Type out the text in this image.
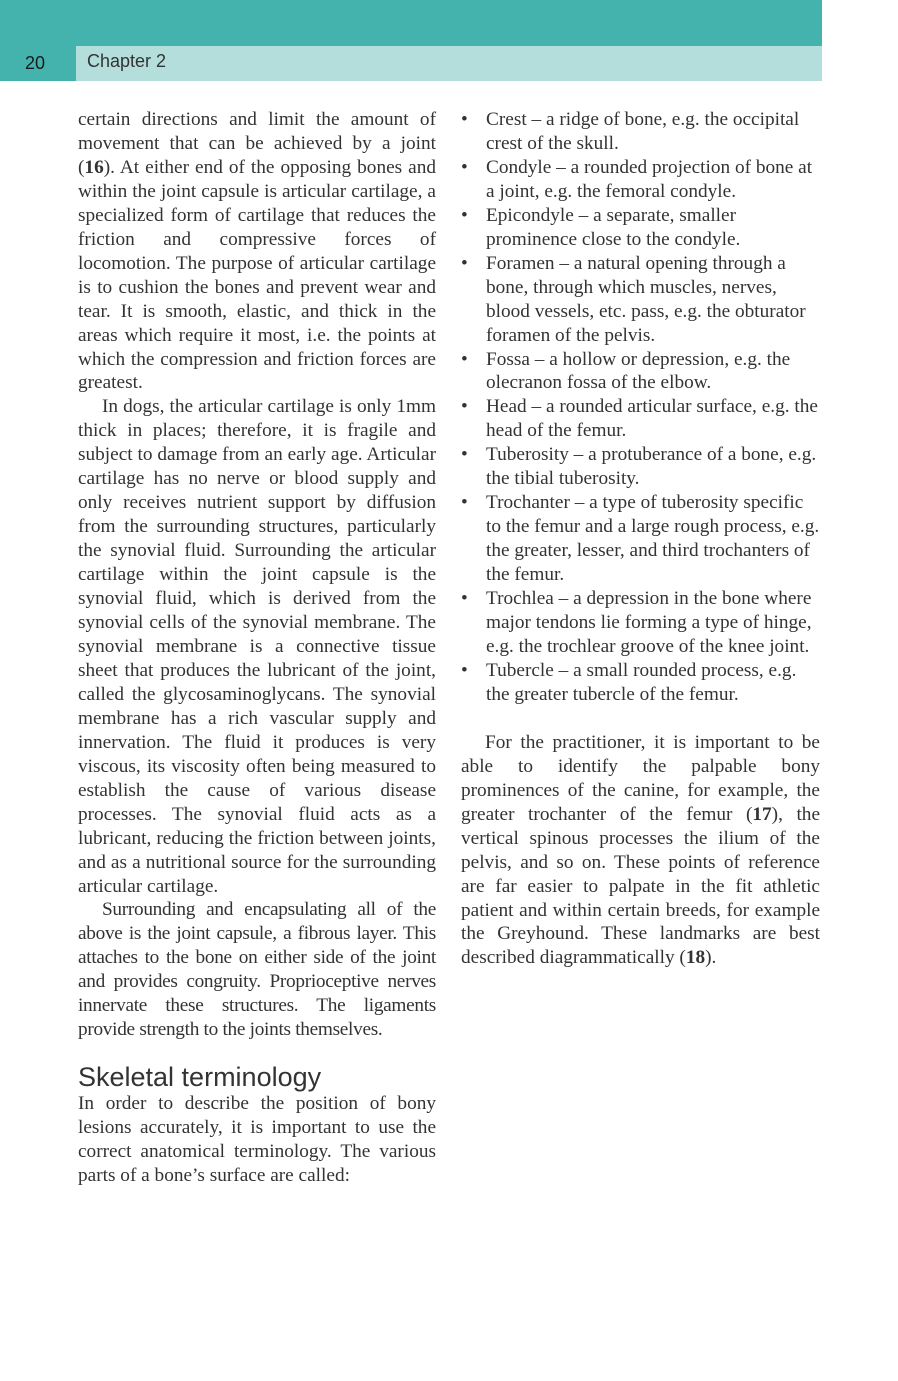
20	Chapter 2

certain directions and limit the amount of movement that can be achieved by a joint (16). At either end of the opposing bones and within the joint capsule is articular cartilage, a specialized form of cartilage that reduces the friction and compressive forces of locomotion. The purpose of articular cartilage is to cushion the bones and prevent wear and tear. It is smooth, elastic, and thick in the areas which require it most, i.e. the points at which the compression and friction forces are greatest.

In dogs, the articular cartilage is only 1mm thick in places; therefore, it is fragile and subject to damage from an early age. Articular cartilage has no nerve or blood supply and only receives nutrient support by diffusion from the surrounding structures, particularly the synovial fluid. Surrounding the articular cartilage within the joint capsule is the synovial fluid, which is derived from the synovial cells of the synovial membrane. The synovial membrane is a connective tissue sheet that produces the lubricant of the joint, called the glycosaminoglycans. The synovial membrane has a rich vascular supply and innervation. The fluid it produces is very viscous, its viscosity often being measured to establish the cause of various disease processes. The synovial fluid acts as a lubricant, reducing the friction between joints, and as a nutritional source for the surrounding articular cartilage.

Surrounding and encapsulating all of the above is the joint capsule, a fibrous layer. This attaches to the bone on either side of the joint and provides congruity. Proprioceptive nerves innervate these structures. The ligaments provide strength to the joints themselves.

Skeletal terminology

In order to describe the position of bony lesions accurately, it is important to use the correct anatomical terminology. The various parts of a bone’s surface are called:

• Crest – a ridge of bone, e.g. the occipital crest of the skull.
• Condyle – a rounded projection of bone at a joint, e.g. the femoral condyle.
• Epicondyle – a separate, smaller prominence close to the condyle.
• Foramen – a natural opening through a bone, through which muscles, nerves, blood vessels, etc. pass, e.g. the obturator foramen of the pelvis.
• Fossa – a hollow or depression, e.g. the olecranon fossa of the elbow.
• Head – a rounded articular surface, e.g. the head of the femur.
• Tuberosity – a protuberance of a bone, e.g. the tibial tuberosity.
• Trochanter – a type of tuberosity specific to the femur and a large rough process, e.g. the greater, lesser, and third trochanters of the femur.
• Trochlea – a depression in the bone where major tendons lie forming a type of hinge, e.g. the trochlear groove of the knee joint.
• Tubercle – a small rounded process, e.g. the greater tubercle of the femur.

For the practitioner, it is important to be able to identify the palpable bony prominences of the canine, for example, the greater trochanter of the femur (17), the vertical spinous processes the ilium of the pelvis, and so on. These points of reference are far easier to palpate in the fit athletic patient and within certain breeds, for example the Greyhound. These landmarks are best described diagrammatically (18).
